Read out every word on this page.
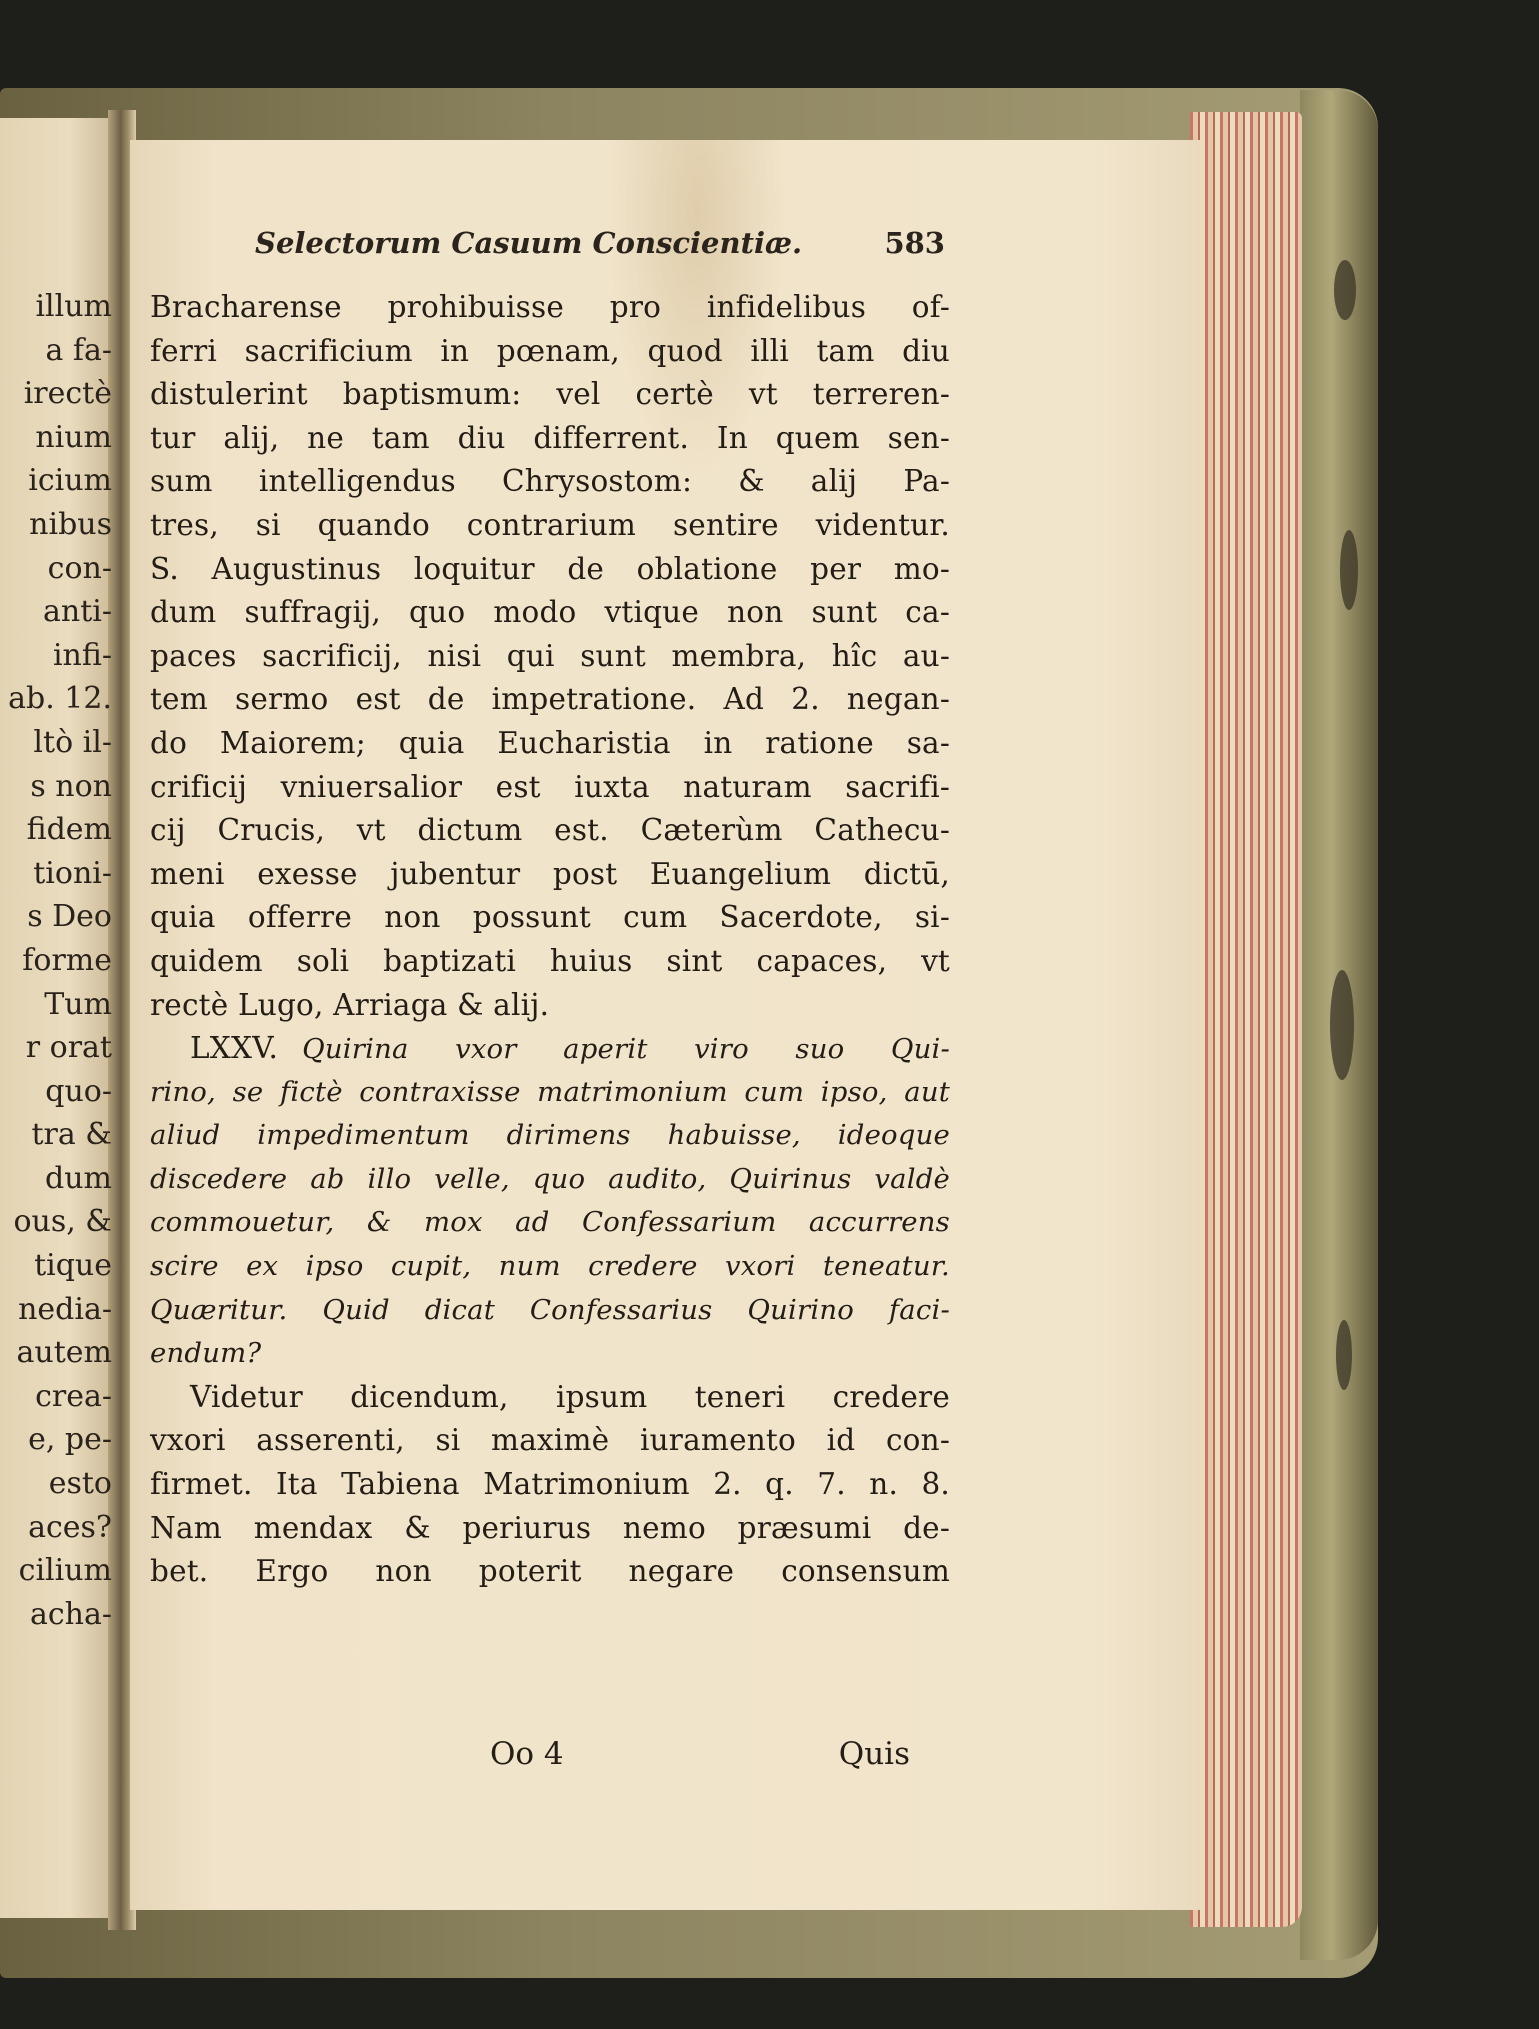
illum
a fa-
irectè
nium
icium
nibus
con-
anti-
infi-
ab. 12.
ltò il-
s non
fidem
tioni-
s Deo
forme
Tum
r orat
quo-
tra &
dum
ous, &
tique
nedia-
autem
crea-
e, pe-
esto
aces?
cilium
acha-
Selectorum Casuum Conscientiæ.	583
Bracharense prohibuisse pro infidelibus of-
ferri sacrificium in pœnam, quod illi tam diu
distulerint baptismum: vel certè vt terreren-
tur alij, ne tam diu differrent. In quem sen-
sum intelligendus Chrysostom: & alij Pa-
tres, si quando contrarium sentire videntur.
S. Augustinus loquitur de oblatione per mo-
dum suffragij, quo modo vtique non sunt ca-
paces sacrificij, nisi qui sunt membra, hîc au-
tem sermo est de impetratione. Ad 2. negan-
do Maiorem; quia Eucharistia in ratione sa-
crificij vniuersalior est iuxta naturam sacrifi-
cij Crucis, vt dictum est. Cæterùm Cathecu-
meni exesse jubentur post Euangelium dictū,
quia offerre non possunt cum Sacerdote, si-
quidem soli baptizati huius sint capaces, vt
rectè Lugo, Arriaga & alij.
LXXV. Quirina vxor aperit viro suo Qui-
rino, se fictè contraxisse matrimonium cum ipso, aut
aliud impedimentum dirimens habuisse, ideoque
discedere ab illo velle, quo audito, Quirinus valdè
commouetur, & mox ad Confessarium accurrens
scire ex ipso cupit, num credere vxori teneatur.
Quæritur. Quid dicat Confessarius Quirino faci-
endum?
Videtur dicendum, ipsum teneri credere
vxori asserenti, si maximè iuramento id con-
firmet. Ita Tabiena Matrimonium 2. q. 7. n. 8.
Nam mendax & periurus nemo præsumi de-
bet. Ergo non poterit negare consensum
Oo 4	Quis
